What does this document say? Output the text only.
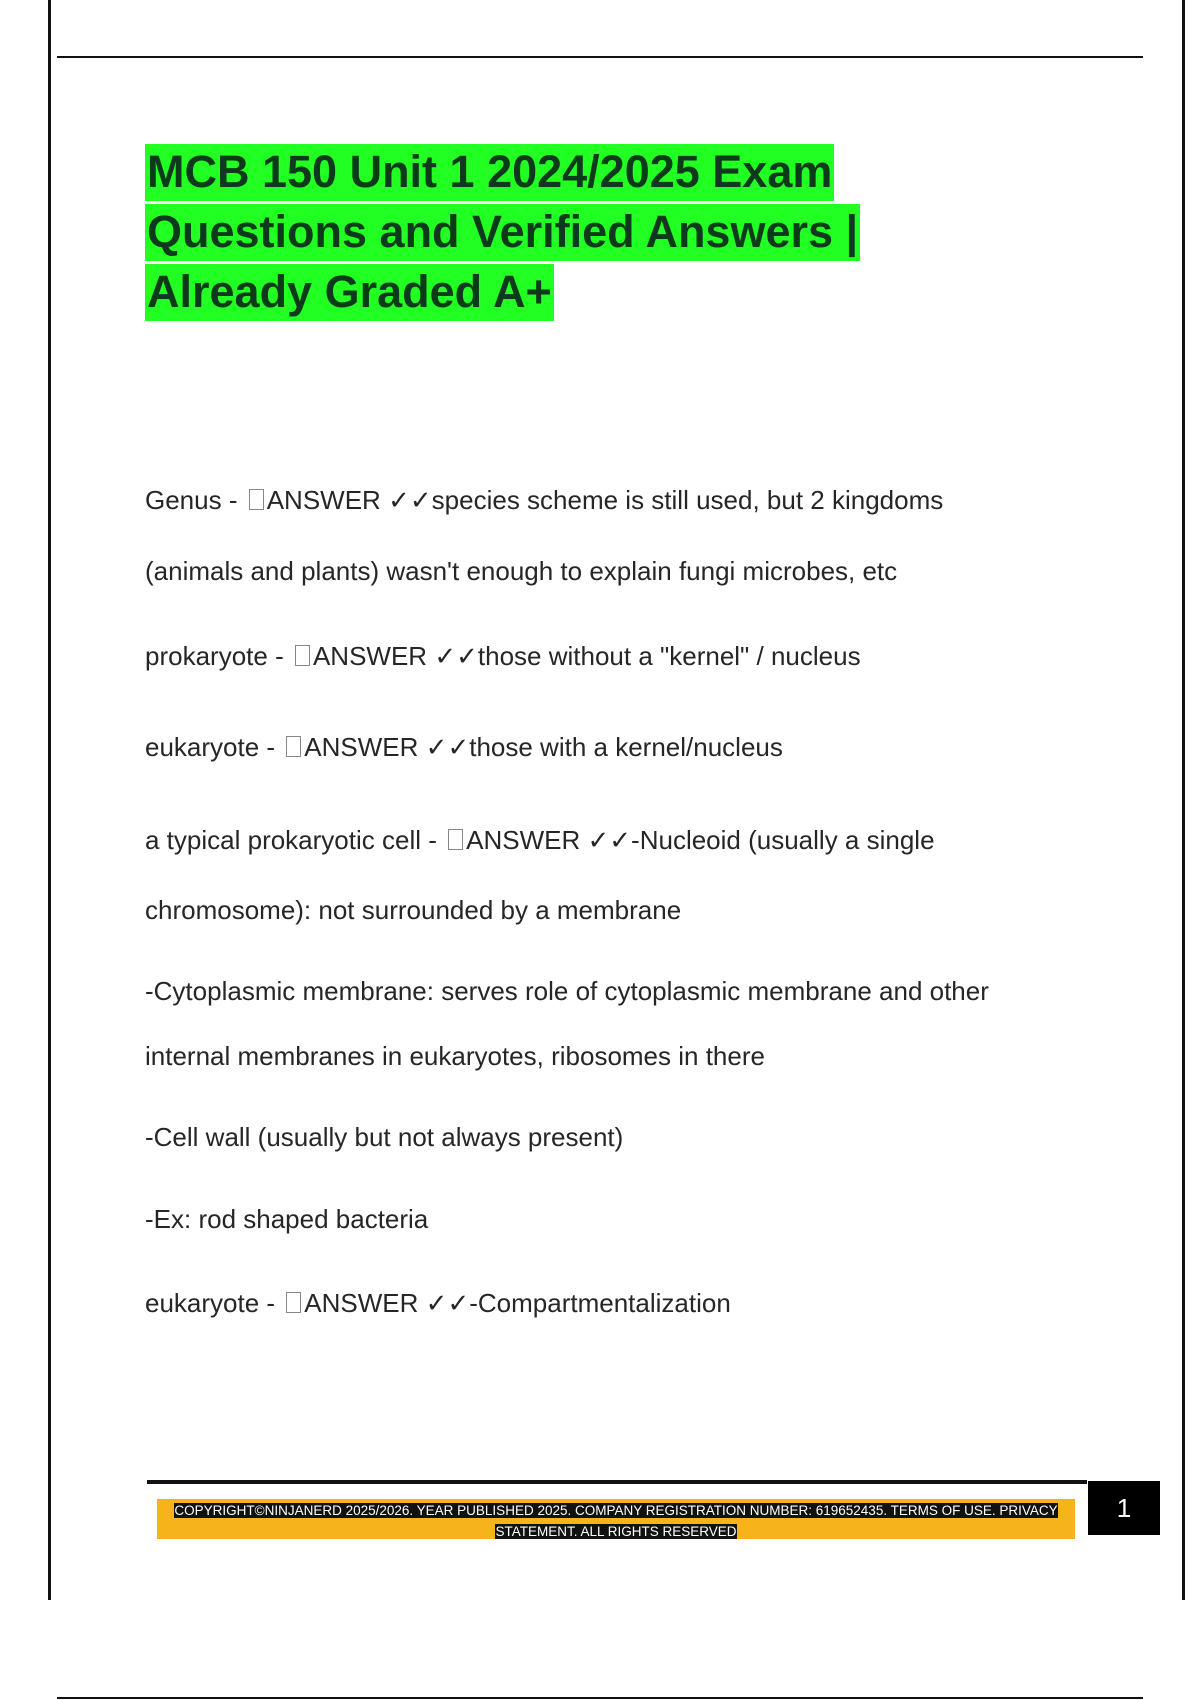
MCB 150 Unit 1 2024/2025 Exam
Questions and Verified Answers |
Already Graded A+
Genus - ANSWER ✓✓species scheme is still used, but 2 kingdoms
(animals and plants) wasn't enough to explain fungi microbes, etc
prokaryote - ANSWER ✓✓those without a "kernel" / nucleus
eukaryote - ANSWER ✓✓those with a kernel/nucleus
a typical prokaryotic cell - ANSWER ✓✓-Nucleoid (usually a single
chromosome): not surrounded by a membrane
-Cytoplasmic membrane: serves role of cytoplasmic membrane and other
internal membranes in eukaryotes, ribosomes in there
-Cell wall (usually but not always present)
-Ex: rod shaped bacteria
eukaryote - ANSWER ✓✓-Compartmentalization
COPYRIGHT©NINJANERD 2025/2026. YEAR PUBLISHED 2025. COMPANY REGISTRATION NUMBER: 619652435. TERMS OF USE. PRIVACY
STATEMENT. ALL RIGHTS RESERVED
1
